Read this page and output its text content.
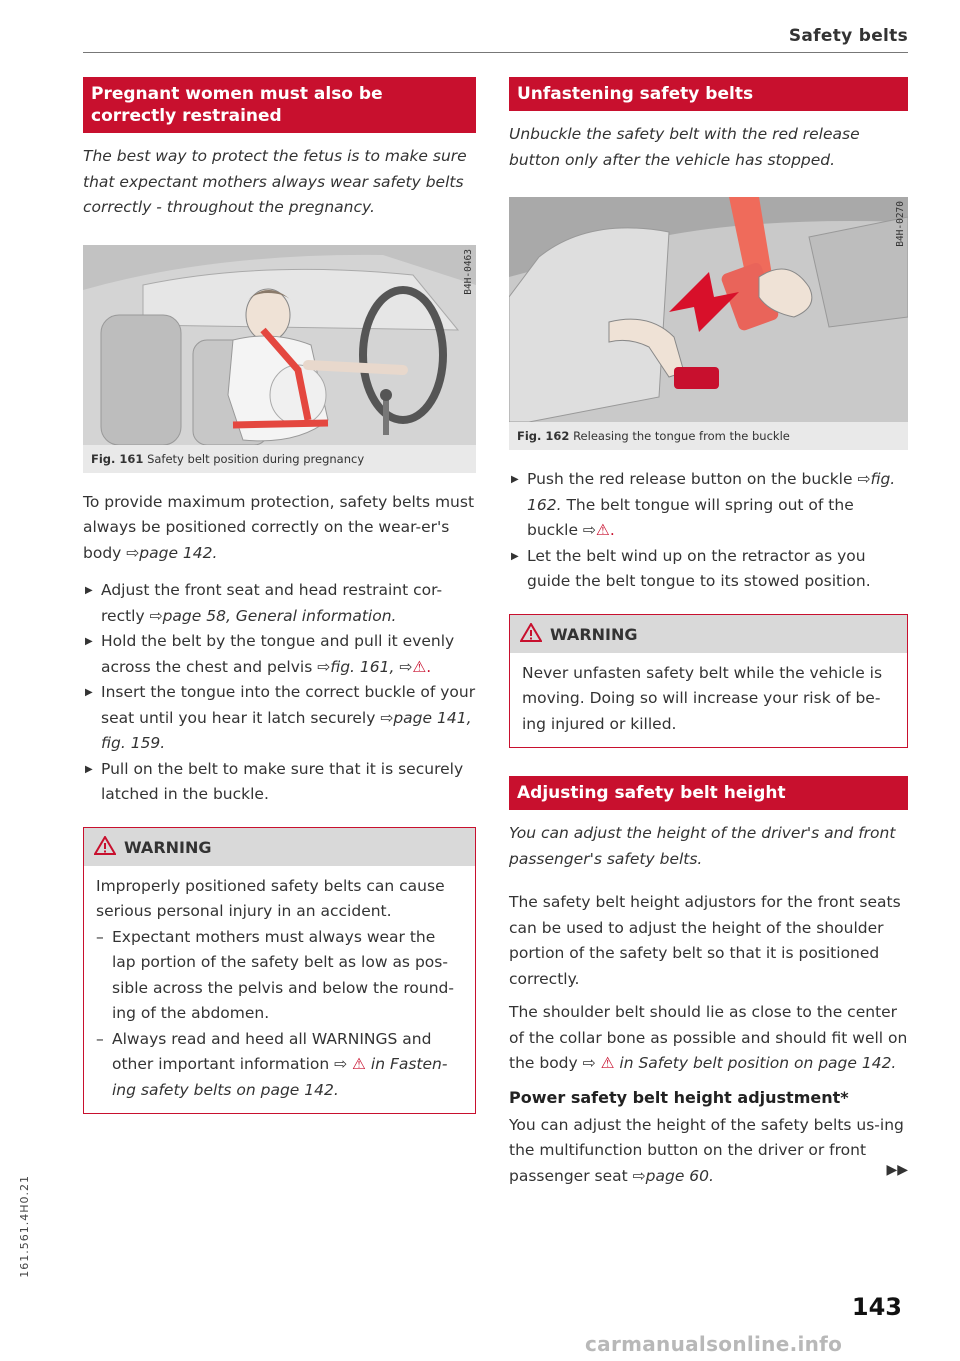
Safety belts
Pregnant women must also be correctly restrained

The best way to protect the fetus is to make sure that expectant mothers always wear safety belts correctly - throughout the pregnancy.

B4H-0463
Fig. 161 Safety belt position during pregnancy

To provide maximum protection, safety belts must always be positioned correctly on the wear-er's body ⇨page 142.

▶ Adjust the front seat and head restraint cor-rectly ⇨page 58, General information.
▶ Hold the belt by the tongue and pull it evenly across the chest and pelvis ⇨fig. 161, ⇨⚠.
▶ Insert the tongue into the correct buckle of your seat until you hear it latch securely ⇨page 141, fig. 159.
▶ Pull on the belt to make sure that it is securely latched in the buckle.
WARNING

Improperly positioned safety belts can cause serious personal injury in an accident.

– Expectant mothers must always wear the lap portion of the safety belt as low as pos-sible across the pelvis and below the round-ing of the abdomen.
– Always read and heed all WARNINGS and other important information ⇨ ⚠ in Fasten-ing safety belts on page 142.
Unfastening safety belts

Unbuckle the safety belt with the red release button only after the vehicle has stopped.

B4H-0270
Fig. 162 Releasing the tongue from the buckle
▶ Push the red release button on the buckle ⇨fig. 162. The belt tongue will spring out of the buckle ⇨⚠.
▶ Let the belt wind up on the retractor as you guide the belt tongue to its stowed position.
WARNING

Never unfasten safety belt while the vehicle is moving. Doing so will increase your risk of be-ing injured or killed.

Adjusting safety belt height

You can adjust the height of the driver's and front passenger's safety belts.

The safety belt height adjustors for the front seats can be used to adjust the height of the shoulder portion of the safety belt so that it is positioned correctly.

The shoulder belt should lie as close to the center of the collar bone as possible and should fit well on the body ⇨ ⚠ in Safety belt position on page 142.

Power safety belt height adjustment*

You can adjust the height of the safety belts us-ing the multifunction button on the driver or front passenger seat ⇨page 60.	▶▶
143
161.561.4H0.21
carmanualsonline.info
